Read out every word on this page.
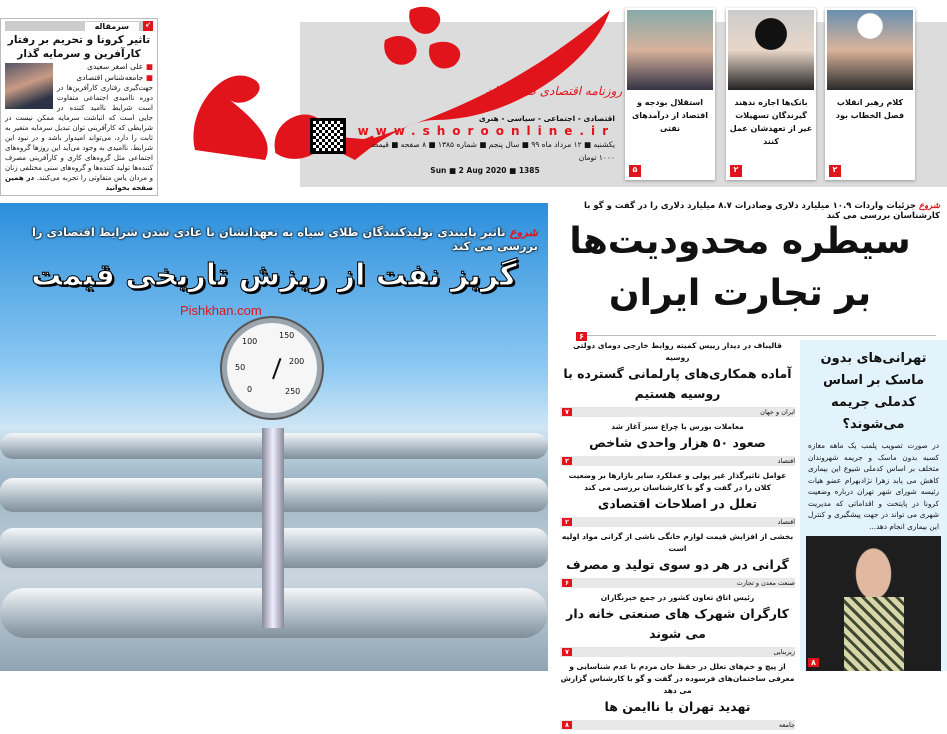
↙
سرمقاله
تاثیر کرونا و تحریم بر رفتار کارآفرین و سرمایه گذار
■ علی اصغر سعیدی
■ جامعه‌شناس اقتصادی
جهت‌گیری رفتاری کارآفرین‌ها در دوره ناامیدی اجتماعی متفاوت است شرایط ناامید کننده در جایی است که انباشت سرمایه ممکن نیست در شرایطی که کارآفرینی توان تبدیل سرمایه متغیر به ثابت را دارد، می‌تواند امیدوار باشد و در نبود این شرایط، ناامیدی به وجود می‌آید این روزها گروه‌های اجتماعی مثل گروه‌های کاری و کارآفرینی مصرف کننده‌ها تولید کننده‌ها و گروه‌های سنی مختلفی زنان و مردان یاس متفاوتی را تجربه می‌کنند. در همین صفحه بخوانید
روزنامه اقتصادی صبح ایران
اقتصادی - اجتماعی - سیاسی - هنری
www.shoroonline.ir
یکشنبه ■ ۱۲ مرداد ماه ۹۹ ■ سال پنجم ■ شماره ۱۳۸۵ ■ ۸ صفحه ■ قیمت ۱۰۰۰ تومان
Sun ■ 2 Aug 2020 ■ 1385
استقلال بودجه و اقتصاد از درآمدهای نفتی
۵
بانک‌ها اجازه ندهند گیرندگان تسهیلات غیر از تعهدشان عمل کنند
۲
کلام رهبر انقلاب فصل الخطاب بود
۲
0
50
100
150
200
250
شروع تاثیر پایبندی تولیدکنندگان طلای سیاه به تعهداتشان با عادی شدن شرایط اقتصادی را بررسی می کند
گریز نفت از ریزش تاریخی قیمت
Pishkhan.com
شروع جزئیات واردات ۱۰.۹ میلیارد دلاری وصادرات ۸.۷ میلیارد دلاری را در گفت و گو با کارشناسان بررسی می کند
سیطره محدودیت‌ها
بر تجارت ایران
۶
قالیباف در دیدار رییس کمیته روابط خارجی دومای دولتی روسیه
آماده همکاری‌های پارلمانی گسترده با روسیه هستیم
ایران و جهان
۷
معاملات بورس با چراغ سبز آغاز شد
صعود ۵۰ هزار واحدی شاخص
اقتصاد
۲
عوامل تاثیرگذار غیر پولی و عملکرد سایر بازارها بر وضعیت کلان را در گفت و گو با کارشناسان بررسی می کند
تعلل در اصلاحات اقتصادی
اقتصاد
۲
بخشی از افزایش قیمت لوازم خانگی ناشی از گرانی مواد اولیه است
گرانی در هر دو سوی تولید و مصرف
صنعت معدن و تجارت
۶
رئیس اتاق تعاون کشور در جمع خبرنگاران
کارگران شهرک های صنعتی خانه دار می شوند
زیربنایی
۷
از پیچ و خم‌های تعلل در حفظ جان مردم با عدم شناسایی و معرفی ساختمان‌های فرسوده در گفت و گو با کارشناس گزارش می دهد
تهدید تهران با ناایمن ها
جامعه
۸
تهرانی‌های بدون ماسک بر اساس کدملی جریمه می‌شوند؟
در صورت تصویب پلمب یک ماهه مغازه کسبه بدون ماسک و جریمه شهروندان متخلف بر اساس کدملی شیوع این بیماری کاهش می یابد زهرا نژادبهرام عضو هیات رئیسه شورای شهر تهران درباره وضعیت کرونا در پایتخت و اقداماتی که مدیریت شهری می تواند در جهت پیشگیری و کنترل این بیماری انجام دهد...
۸
